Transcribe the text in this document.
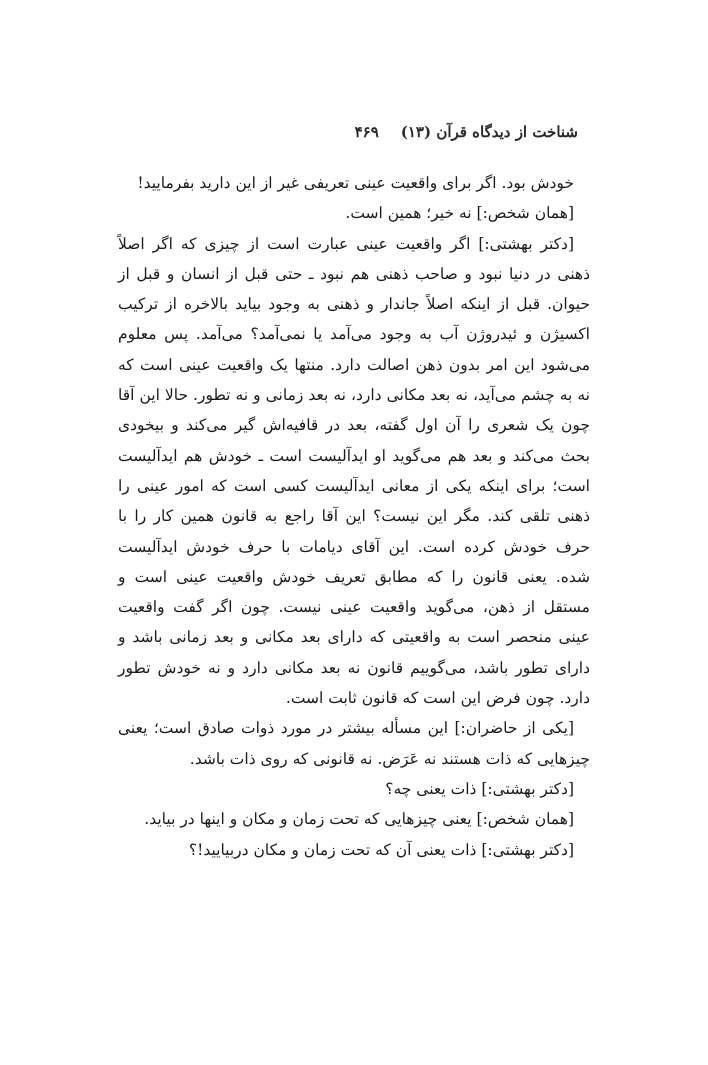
شناخت از دیدگاه قرآن (۱۳)
۴۶۹

خودش بود. اگر برای واقعیت عینی تعریفی غیر از این دارید بفرمایید!

[همان شخص:] نه خیر؛ همین است.

[دکتر بهشتی:] اگر واقعیت عینی عبارت است از چیزی که اگر اصلاً ذهنی در دنیا نبود و صاحب ذهنی هم نبود ـ حتی قبل از انسان و قبل از حیوان. قبل از اینکه اصلاً جاندار و ذهنی به وجود بیاید بالاخره از ترکیب اکسیژن و ئیدروژن آب به وجود می‌آمد یا نمی‌آمد؟ می‌آمد. پس معلوم می‌شود این امر بدون ذهن اصالت دارد. منتها یک واقعیت عینی است که نه به چشم می‌آید، نه بعد مکانی دارد، نه بعد زمانی و نه تطور. حالا این آقا چون یک شعری را آن اول گفته، بعد در قافیه‌اش گیر می‌کند و بیخودی بحث می‌کند و بعد هم می‌گوید او ایدآلیست است ـ خودش هم ایدآلیست است؛ برای اینکه یکی از معانی ایدآلیست کسی است که امور عینی را ذهنی تلقی کند. مگر این نیست؟ این آقا راجع به قانون همین کار را با حرف خودش کرده است. این آقای دیامات با حرف خودش ایدآلیست شده. یعنی قانون را که مطابق تعریف خودش واقعیت عینی است و مستقل از ذهن، می‌گوید واقعیت عینی نیست. چون اگر گفت واقعیت عینی منحصر است به واقعیتی که دارای بعد مکانی و بعد زمانی باشد و دارای تطور باشد، می‌گوییم قانون نه بعد مکانی دارد و نه خودش تطور دارد. چون فرض این است که قانون ثابت است.

[یکی از حاضران:] این مسأله بیشتر در مورد ذوات صادق است؛ یعنی چیزهایی که ذات هستند نه عَرَض. نه قانونی که روی ذات باشد.

[دکتر بهشتی:] ذات یعنی چه؟

[همان شخص:] یعنی چیزهایی که تحت زمان و مکان و اینها در بیاید.

[دکتر بهشتی:] ذات یعنی آن که تحت زمان و مکان دربیایید!؟
